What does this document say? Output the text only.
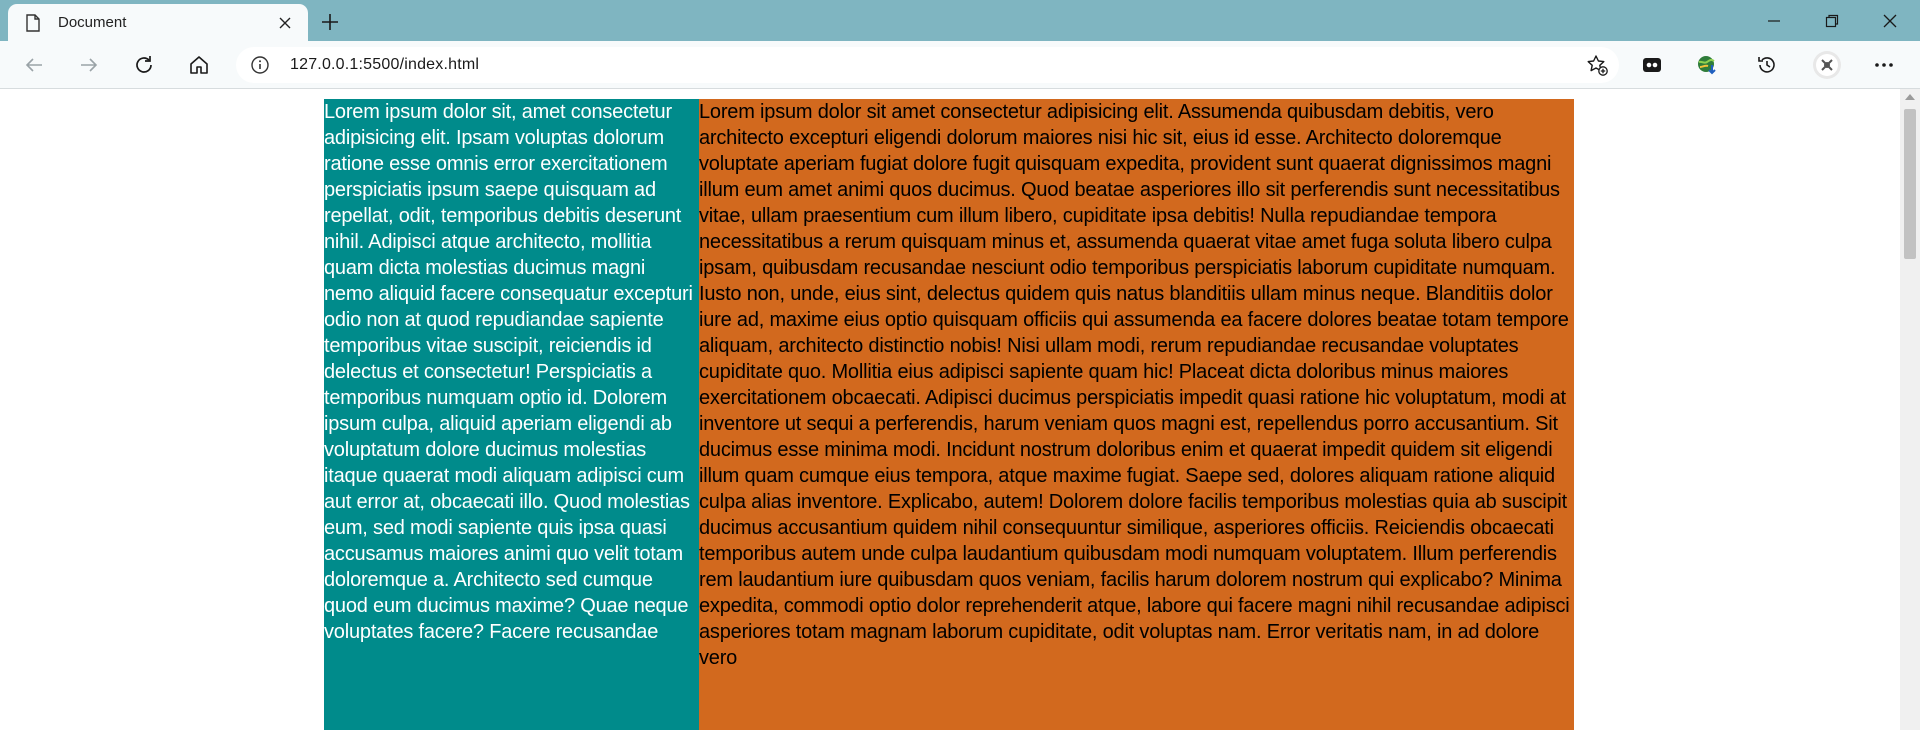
Document
127.0.0.1:5500/index.html
Lorem ipsum dolor sit, amet consectetur adipisicing elit. Ipsam voluptas dolorum ratione esse omnis error exercitationem perspiciatis ipsum saepe quisquam ad repellat, odit, temporibus debitis deserunt nihil. Adipisci atque architecto, mollitia quam dicta molestias ducimus magni nemo aliquid facere consequatur excepturi odio non at quod repudiandae sapiente temporibus vitae suscipit, reiciendis id delectus et consectetur! Perspiciatis a temporibus numquam optio id. Dolorem ipsum culpa, aliquid aperiam eligendi ab voluptatum dolore ducimus molestias itaque quaerat modi aliquam adipisci cum aut error at, obcaecati illo. Quod molestias eum, sed modi sapiente quis ipsa quasi accusamus maiores animi quo velit totam doloremque a. Architecto sed cumque quod eum ducimus maxime? Quae neque voluptates facere? Facere recusandae
Lorem ipsum dolor sit amet consectetur adipisicing elit. Assumenda quibusdam debitis, vero architecto excepturi eligendi dolorum maiores nisi hic sit, eius id esse. Architecto doloremque voluptate aperiam fugiat dolore fugit quisquam expedita, provident sunt quaerat dignissimos magni illum eum amet animi quos ducimus. Quod beatae asperiores illo sit perferendis sunt necessitatibus vitae, ullam praesentium cum illum libero, cupiditate ipsa debitis! Nulla repudiandae tempora necessitatibus a rerum quisquam minus et, assumenda quaerat vitae amet fuga soluta libero culpa ipsam, quibusdam recusandae nesciunt odio temporibus perspiciatis laborum cupiditate numquam. Iusto non, unde, eius sint, delectus quidem quis natus blanditiis ullam minus neque. Blanditiis dolor iure ad, maxime eius optio quisquam officiis qui assumenda ea facere dolores beatae totam tempore aliquam, architecto distinctio nobis! Nisi ullam modi, rerum repudiandae recusandae voluptates cupiditate quo. Mollitia eius adipisci sapiente quam hic! Placeat dicta doloribus minus maiores exercitationem obcaecati. Adipisci ducimus perspiciatis impedit quasi ratione hic voluptatum, modi at inventore ut sequi a perferendis, harum veniam quos magni est, repellendus porro accusantium. Sit ducimus esse minima modi. Incidunt nostrum doloribus enim et quaerat impedit quidem sit eligendi illum quam cumque eius tempora, atque maxime fugiat. Saepe sed, dolores aliquam ratione aliquid culpa alias inventore. Explicabo, autem! Dolorem dolore facilis temporibus molestias quia ab suscipit ducimus accusantium quidem nihil consequuntur similique, asperiores officiis. Reiciendis obcaecati temporibus autem unde culpa laudantium quibusdam modi numquam voluptatem. Illum perferendis rem laudantium iure quibusdam quos veniam, facilis harum dolorem nostrum qui explicabo? Minima expedita, commodi optio dolor reprehenderit atque, labore qui facere magni nihil recusandae adipisci asperiores totam magnam laborum cupiditate, odit voluptas nam. Error veritatis nam, in ad dolore vero
